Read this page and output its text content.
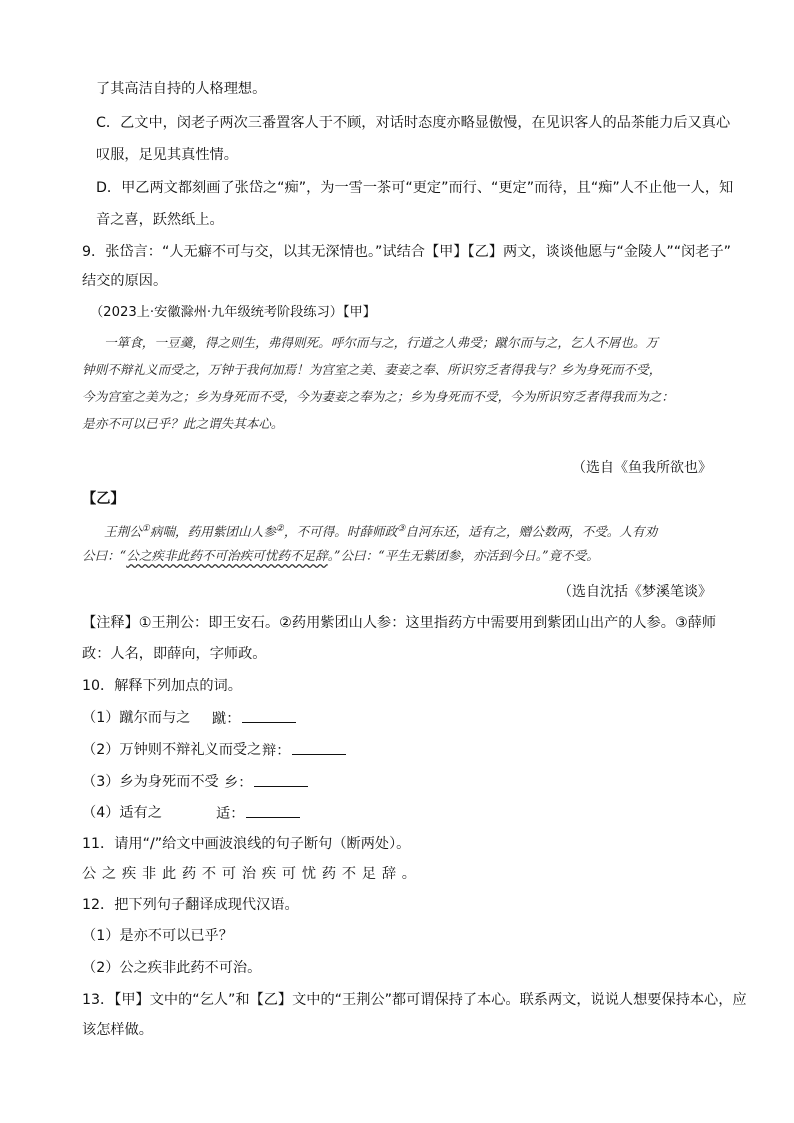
了其高洁自持的人格理想。
C．乙文中，闵老子两次三番置客人于不顾，对话时态度亦略显傲慢，在见识客人的品茶能力后又真心
叹服，足见其真性情。
D．甲乙两文都刻画了张岱之“痴”，为一雪一茶可“更定”而行、“更定”而待，且“痴”人不止他一人，知
音之喜，跃然纸上。
9．张岱言：“人无癖不可与交，以其无深情也。”试结合【甲】【乙】两文，谈谈他愿与“金陵人”“闵老子”
结交的原因。
（2023上·安徽滁州·九年级统考阶段练习）【甲】
一箪食，一豆羹，得之则生，弗得则死。呼尔而与之，行道之人弗受；蹴尔而与之，乞人不屑也。万
钟则不辩礼义而受之，万钟于我何加焉！为宫室之美、妻妾之奉、所识穷乏者得我与？乡为身死而不受，
今为宫室之美为之；乡为身死而不受，今为妻妾之奉为之；乡为身死而不受，今为所识穷乏者得我而为之：
是亦不可以已乎？此之谓失其本心。
（选自《鱼我所欲也》
【乙】
王荆公①病喘，药用紫团山人参②，不可得。时薛师政③自河东还，适有之，赠公数两，不受。人有劝
公曰：“公之疾非此药不可治疾可忧药不足辞。”公曰：“平生无紫团参，亦活到今日。”竟不受。
（选自沈括《梦溪笔谈》
【注释】①王荆公：即王安石。②药用紫团山人参：这里指药方中需要用到紫团山出产的人参。③薛师
政：人名，即薛向，字师政。
10．解释下列加点的词。
（1）蹴尔而与之 蹴：
（2）万钟则不辩礼义而受之 辩：
（3）乡为身死而不受 乡：
（4）适有之	适：
11．请用“/”给文中画波浪线的句子断句（断两处）。
公之疾非此药不可治疾可忧药不足辞。
12．把下列句子翻译成现代汉语。
（1）是亦不可以已乎？
（2）公之疾非此药不可治。
13．【甲】文中的“乞人”和【乙】文中的“王荆公”都可谓保持了本心。联系两文，说说人想要保持本心，应
该怎样做。
